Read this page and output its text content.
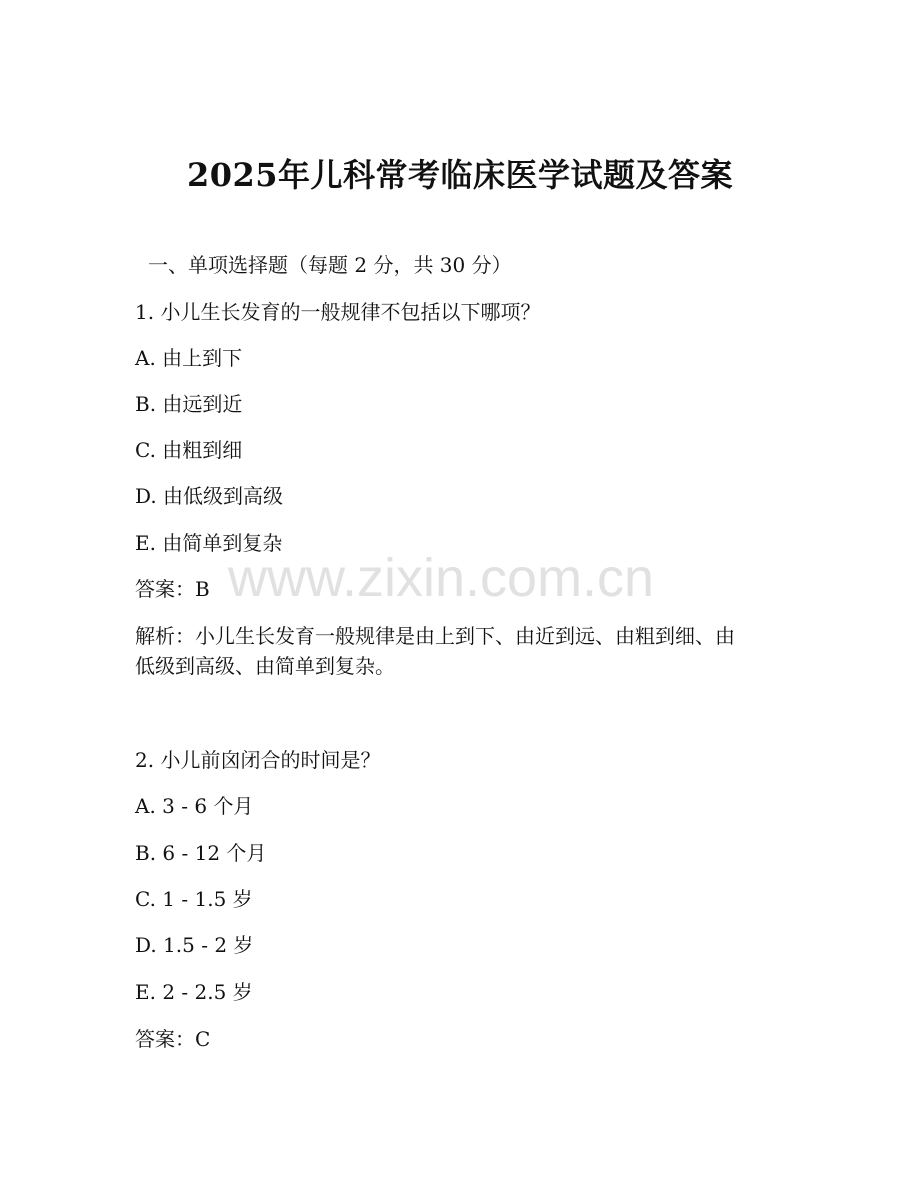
2025年儿科常考临床医学试题及答案
一、单项选择题（每题 2 分，共 30 分）
1. 小儿生长发育的一般规律不包括以下哪项？
A. 由上到下
B. 由远到近
C. 由粗到细
D. 由低级到高级
E. 由简单到复杂
答案：B
解析：小儿生长发育一般规律是由上到下、由近到远、由粗到细、由
低级到高级、由简单到复杂。
2. 小儿前囟闭合的时间是？
A. 3 - 6 个月
B. 6 - 12 个月
C. 1 - 1.5 岁
D. 1.5 - 2 岁
E. 2 - 2.5 岁
答案：C
www.zixin.com.cn
